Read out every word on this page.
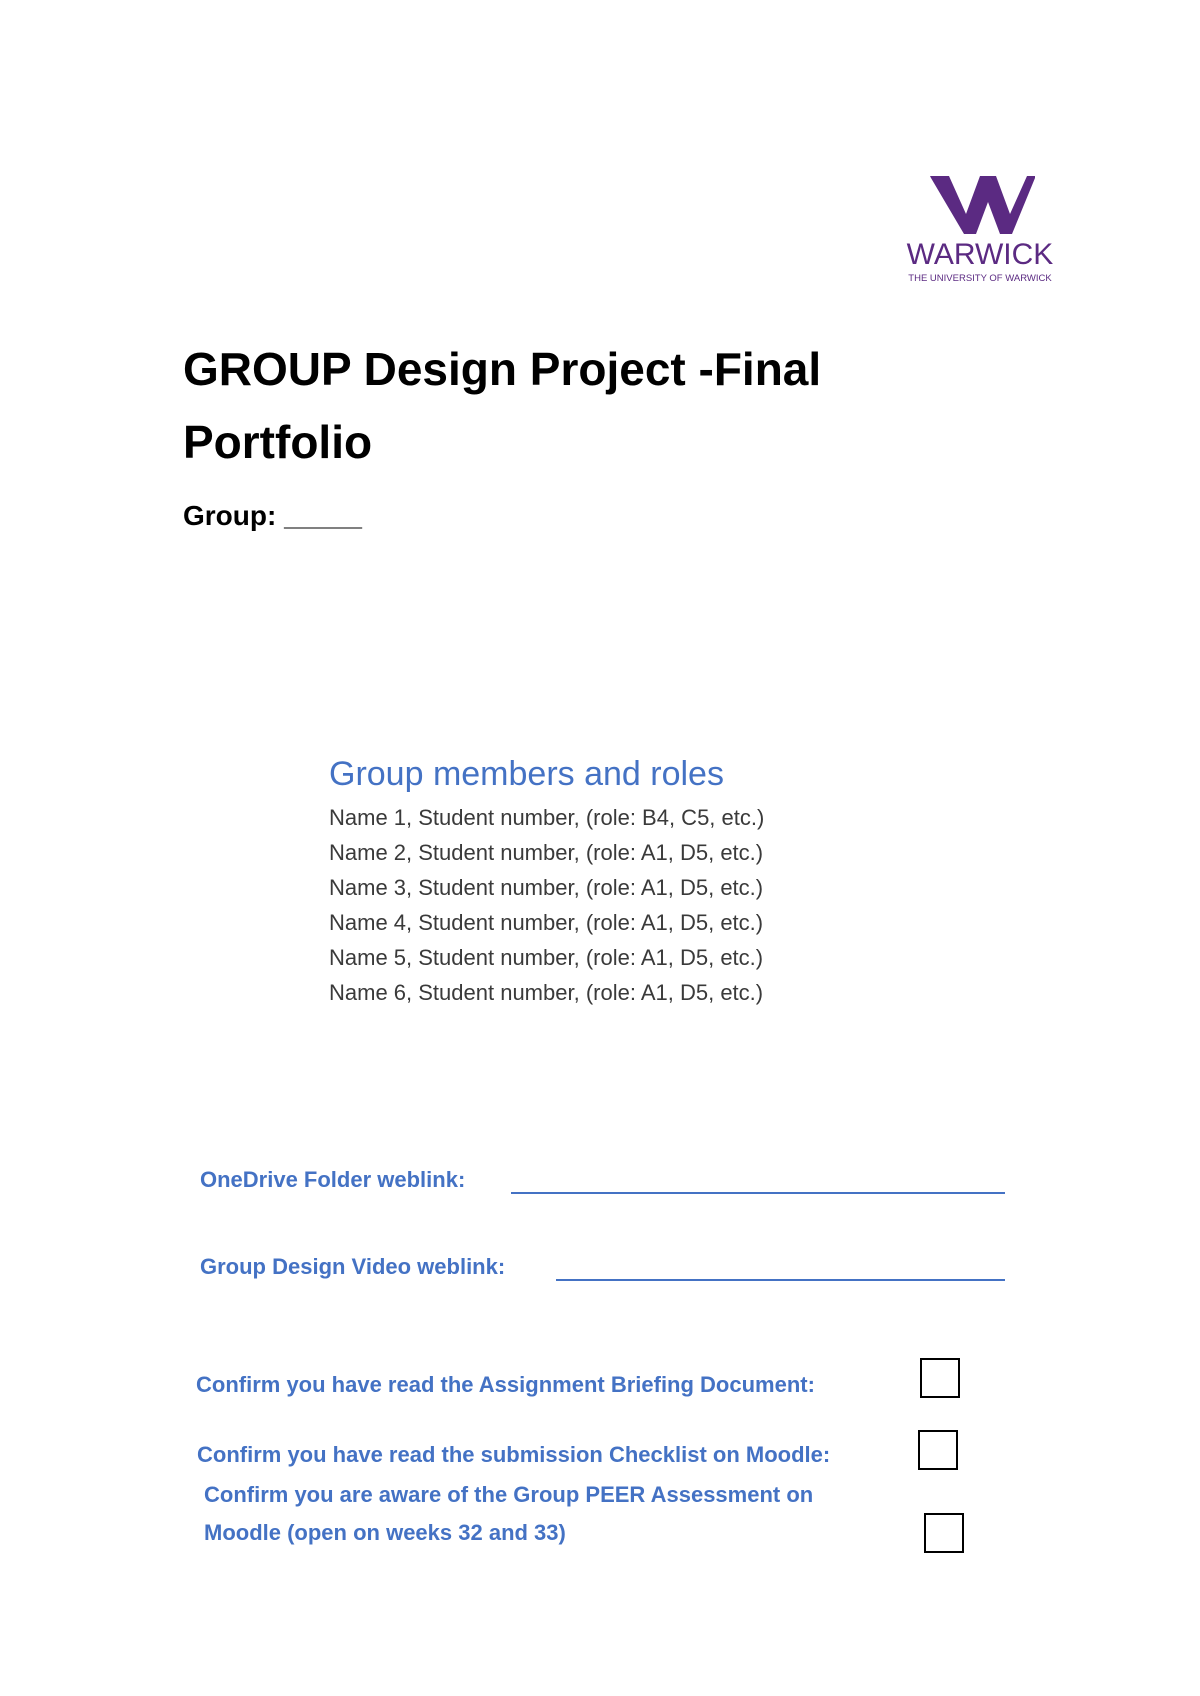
WARWICK
THE UNIVERSITY OF WARWICK
GROUP Design Project -Final
Portfolio
Group: _____
Group members and roles
Name 1, Student number, (role: B4, C5, etc.)
Name 2, Student number, (role: A1, D5, etc.)
Name 3, Student number, (role: A1, D5, etc.)
Name 4, Student number, (role: A1, D5, etc.)
Name 5, Student number, (role: A1, D5, etc.)
Name 6, Student number, (role: A1, D5, etc.)
OneDrive Folder weblink:
Group Design Video weblink:
Confirm you have read the Assignment Briefing Document:
Confirm you have read the submission Checklist on Moodle:
Confirm you are aware of the Group PEER Assessment on
Moodle (open on weeks 32 and 33)
